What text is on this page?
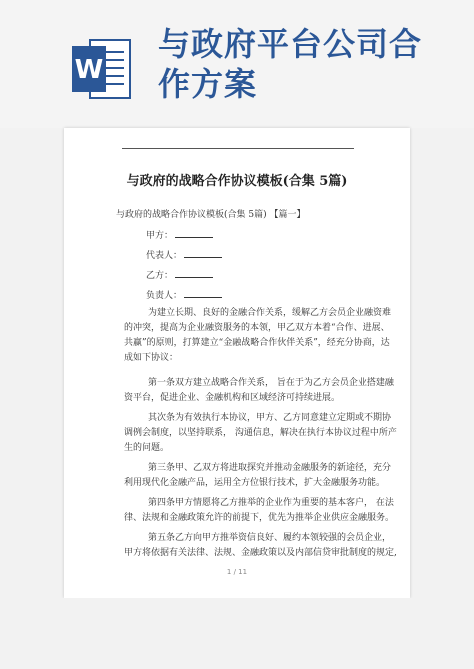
W
与政府平台公司合
作方案
与政府的战略合作协议模板(合集 5篇)
与政府的战略合作协议模板(合集 5篇) 【篇一】
甲方：
代表人：
乙方：
负责人：
为建立长期、良好的金融合作关系，缓解乙方会员企业融资难
的冲突，提高为企业融资服务的本领，甲乙双方本着“合作、进展、
共赢”的原则，打算建立“金融战略合作伙伴关系”，经充分协商，达
成如下协议：
第一条双方建立战略合作关系， 旨在于为乙方会员企业搭建融
资平台，促进企业、金融机构和区域经济可持续进展。
其次条为有效执行本协议，甲方、乙方同意建立定期或不期协
调例会制度，以坚持联系， 沟通信息，解决在执行本协议过程中所产
生的问题。
第三条甲、乙双方将进取探究并推动金融服务的新途径，充分
利用现代化金融产品，运用全方位银行技术，扩大金融服务功能。
第四条甲方情愿将乙方推举的企业作为重要的基本客户， 在法
律、法规和金融政策允许的前提下，优先为推举企业供应金融服务。
第五条乙方向甲方推举资信良好、履约本领较强的会员企业，
甲方将依据有关法律、法规、金融政策以及内部信贷审批制度的规定,
1 / 11
